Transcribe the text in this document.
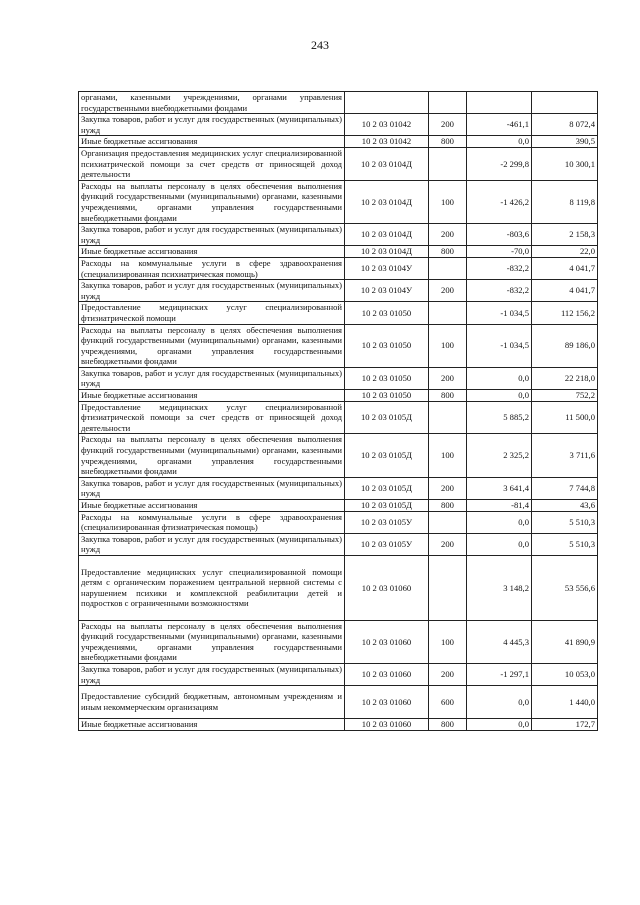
243
органами, казенными учреждениями, органами управления государственными внебюджетными фондами				
Закупка товаров, работ и услуг для государственных (муниципальных) нужд	10 2 03 01042	200	-461,1	8 072,4
Иные бюджетные ассигнования	10 2 03 01042	800	0,0	390,5
Организация предоставления медицинских услуг специализированной психиатрической помощи за счет средств от приносящей доход деятельности	10 2 03 0104Д		-2 299,8	10 300,1
Расходы на выплаты персоналу в целях обеспечения выполнения функций государственными (муниципальными) органами, казенными учреждениями, органами управления государственными внебюджетными фондами	10 2 03 0104Д	100	-1 426,2	8 119,8
Закупка товаров, работ и услуг для государственных (муниципальных) нужд	10 2 03 0104Д	200	-803,6	2 158,3
Иные бюджетные ассигнования	10 2 03 0104Д	800	-70,0	22,0
Расходы на коммунальные услуги в сфере здравоохранения (специализированная психиатрическая помощь)	10 2 03 0104У		-832,2	4 041,7
Закупка товаров, работ и услуг для государственных (муниципальных) нужд	10 2 03 0104У	200	-832,2	4 041,7
Предоставление медицинских услуг специализированной фтизиатрической помощи	10 2 03 01050		-1 034,5	112 156,2
Расходы на выплаты персоналу в целях обеспечения выполнения функций государственными (муниципальными) органами, казенными учреждениями, органами управления государственными внебюджетными фондами	10 2 03 01050	100	-1 034,5	89 186,0
Закупка товаров, работ и услуг для государственных (муниципальных) нужд	10 2 03 01050	200	0,0	22 218,0
Иные бюджетные ассигнования	10 2 03 01050	800	0,0	752,2
Предоставление медицинских услуг специализированной фтизиатрической помощи за счет средств от приносящей доход деятельности	10 2 03 0105Д		5 885,2	11 500,0
Расходы на выплаты персоналу в целях обеспечения выполнения функций государственными (муниципальными) органами, казенными учреждениями, органами управления государственными внебюджетными фондами	10 2 03 0105Д	100	2 325,2	3 711,6
Закупка товаров, работ и услуг для государственных (муниципальных) нужд	10 2 03 0105Д	200	3 641,4	7 744,8
Иные бюджетные ассигнования	10 2 03 0105Д	800	-81,4	43,6
Расходы на коммунальные услуги в сфере здравоохранения (специализированная фтизиатрическая помощь)	10 2 03 0105У		0,0	5 510,3
Закупка товаров, работ и услуг для государственных (муниципальных) нужд	10 2 03 0105У	200	0,0	5 510,3
Предоставление медицинских услуг специализированной помощи детям с органическим поражением центральной нервной системы с нарушением психики и комплексной реабилитации детей и подростков с ограниченными возможностями	10 2 03 01060		3 148,2	53 556,6
Расходы на выплаты персоналу в целях обеспечения выполнения функций государственными (муниципальными) органами, казенными учреждениями, органами управления государственными внебюджетными фондами	10 2 03 01060	100	4 445,3	41 890,9
Закупка товаров, работ и услуг для государственных (муниципальных) нужд	10 2 03 01060	200	-1 297,1	10 053,0
Предоставление субсидий бюджетным, автономным учреждениям и иным некоммерческим организациям	10 2 03 01060	600	0,0	1 440,0
Иные бюджетные ассигнования	10 2 03 01060	800	0,0	172,7
